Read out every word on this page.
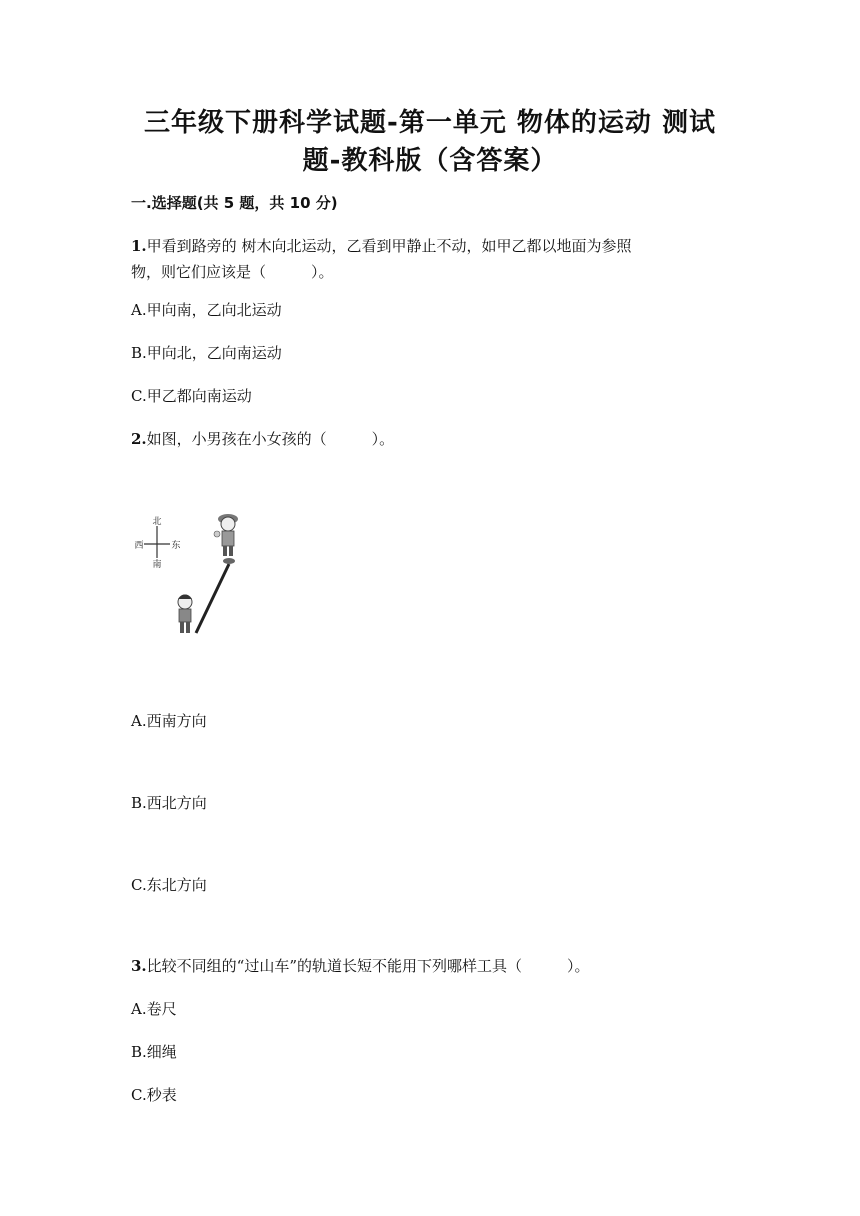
三年级下册科学试题-第一单元 物体的运动 测试
题-教科版（含答案）
一.选择题(共 5 题，共 10 分)
1.甲看到路旁的 树木向北运动，乙看到甲静止不动，如甲乙都以地面为参照
物，则它们应该是（　　　）。
A.甲向南，乙向北运动
B.甲向北，乙向南运动
C.甲乙都向南运动
2.如图，小男孩在小女孩的（　　　）。
北
南
西	东
A.西南方向
B.西北方向
C.东北方向
3.比较不同组的“过山车”的轨道长短不能用下列哪样工具（　　　）。
A.卷尺
B.细绳
C.秒表
